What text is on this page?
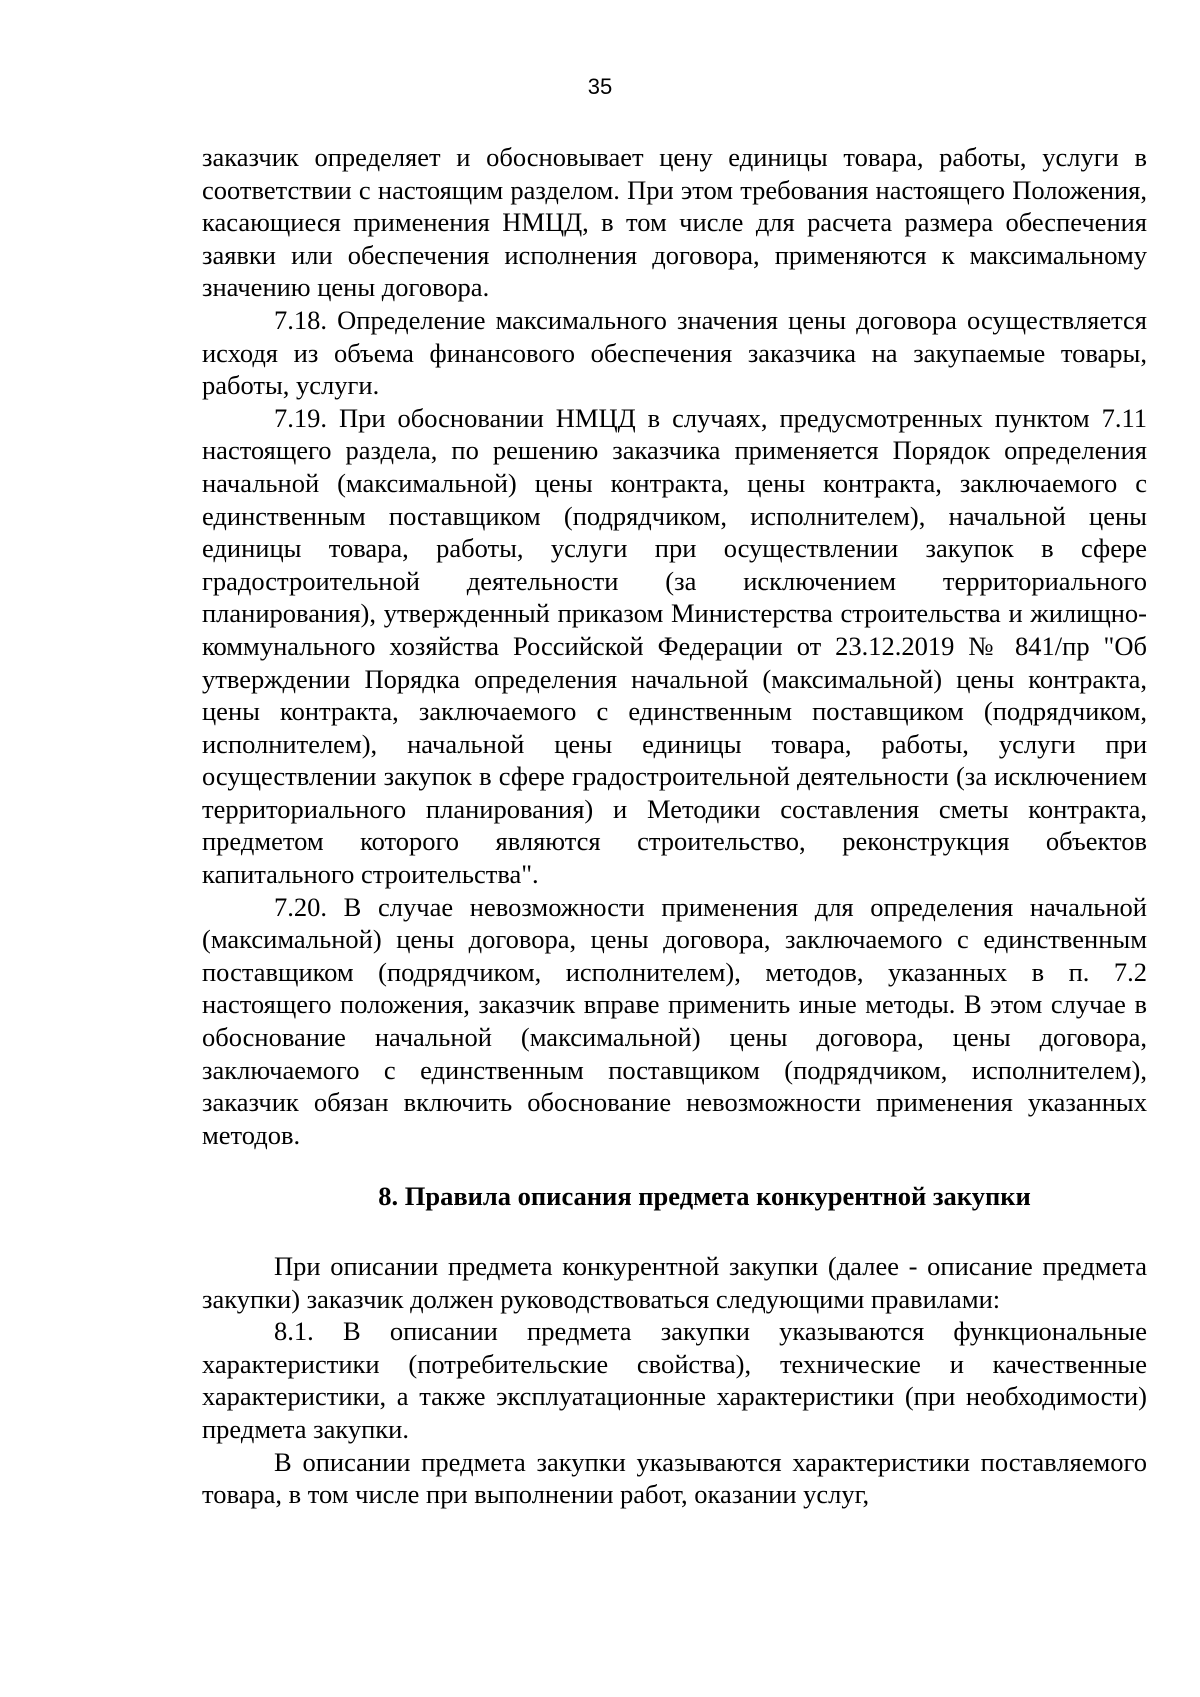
35

заказчик определяет и обосновывает цену единицы товара, работы, услуги в соответствии с настоящим разделом. При этом требования настоящего Положения, касающиеся применения НМЦД, в том числе для расчета размера обеспечения заявки или обеспечения исполнения договора, применяются к максимальному значению цены договора.

7.18. Определение максимального значения цены договора осуществляется исходя из объема финансового обеспечения заказчика на закупаемые товары, работы, услуги.

7.19. При обосновании НМЦД в случаях, предусмотренных пунктом 7.11 настоящего раздела, по решению заказчика применяется Порядок определения начальной (максимальной) цены контракта, цены контракта, заключаемого с единственным поставщиком (подрядчиком, исполнителем), начальной цены единицы товара, работы, услуги при осуществлении закупок в сфере градостроительной деятельности (за исключением территориального планирования), утвержденный приказом Министерства строительства и жилищно-коммунального хозяйства Российской Федерации от 23.12.2019 № 841/пр "Об утверждении Порядка определения начальной (максимальной) цены контракта, цены контракта, заключаемого с единственным поставщиком (подрядчиком, исполнителем), начальной цены единицы товара, работы, услуги при осуществлении закупок в сфере градостроительной деятельности (за исключением территориального планирования) и Методики составления сметы контракта, предметом которого являются строительство, реконструкция объектов капитального строительства".

7.20. В случае невозможности применения для определения начальной (максимальной) цены договора, цены договора, заключаемого с единственным поставщиком (подрядчиком, исполнителем), методов, указанных в п. 7.2 настоящего положения, заказчик вправе применить иные методы. В этом случае в обоснование начальной (максимальной) цены договора, цены договора, заключаемого с единственным поставщиком (подрядчиком, исполнителем), заказчик обязан включить обоснование невозможности применения указанных методов.

8. Правила описания предмета конкурентной закупки

При описании предмета конкурентной закупки (далее - описание предмета закупки) заказчик должен руководствоваться следующими правилами:

8.1. В описании предмета закупки указываются функциональные характеристики (потребительские свойства), технические и качественные характеристики, а также эксплуатационные характеристики (при необходимости) предмета закупки.

В описании предмета закупки указываются характеристики поставляемого товара, в том числе при выполнении работ, оказании услуг,
